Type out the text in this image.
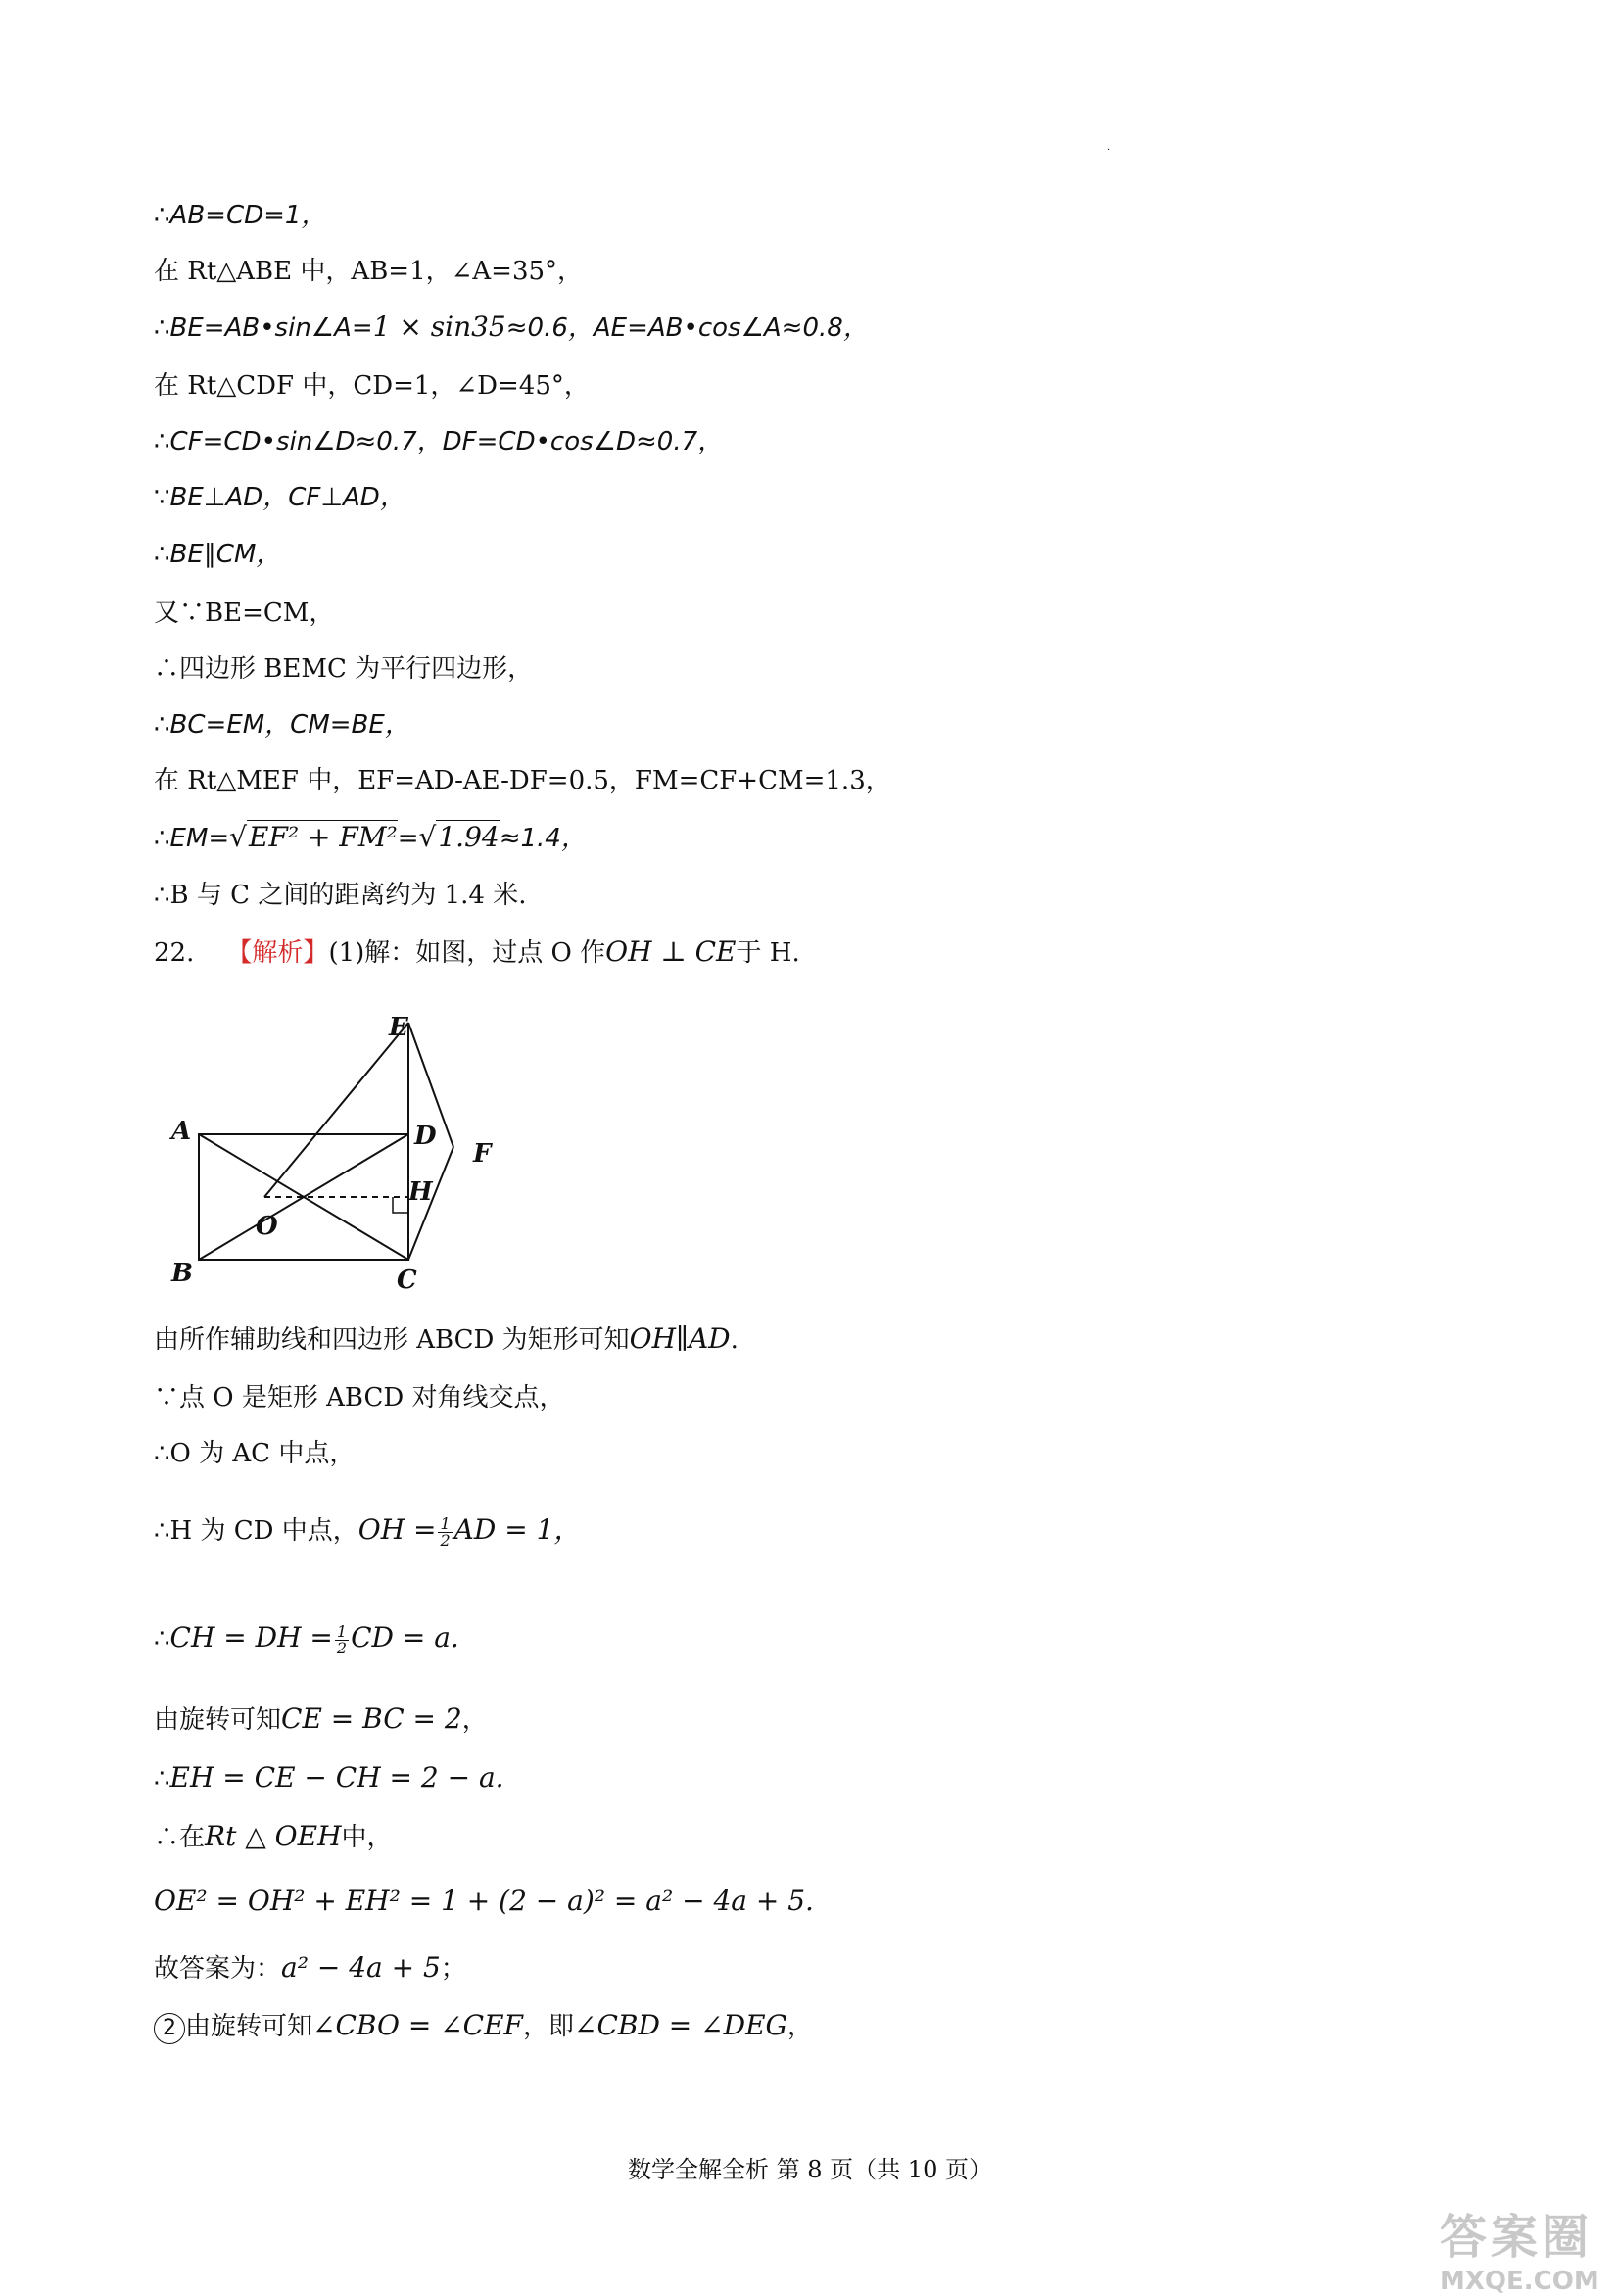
·
∴AB=CD=1，
在 Rt△ABE 中，AB=1，∠A=35°，
∴BE=AB•sin∠A=1 × sin35≈0.6，AE=AB•cos∠A≈0.8，
在 Rt△CDF 中，CD=1，∠D=45°，
∴CF=CD•sin∠D≈0.7，DF=CD•cos∠D≈0.7，
∵BE⊥AD，CF⊥AD，
∴BE∥CM，
又∵BE=CM，
∴四边形 BEMC 为平行四边形，
∴BC=EM，CM=BE，
在 Rt△MEF 中，EF=AD-AE-DF=0.5，FM=CF+CM=1.3，
∴EM=√EF² + FM²=√1.94≈1.4，
∴B 与 C 之间的距离约为 1.4 米.
22. 【解析】(1)解：如图，过点 O 作OH ⊥ CE于 H.
A
B	C
D
E
F
H
O
由所作辅助线和四边形 ABCD 为矩形可知OH∥AD.
∵点 O 是矩形 ABCD 对角线交点，
∴O 为 AC 中点，
∴H 为 CD 中点，OH = $\frac{1}{2}$ AD = 1，
∴CH = DH = $\frac{1}{2}$ CD = a.
由旋转可知CE = BC = 2，
∴EH = CE − CH = 2 − a.
∴在Rt △ OEH中，
OE² = OH² + EH² = 1 + (2 − a)² = a² − 4a + 5.
故答案为：a² − 4a + 5；
2 由旋转可知∠CBO = ∠CEF，即∠CBD = ∠DEG，
数学全解全析 第 8 页（共 10 页）
答案圈
MXQE.COM
